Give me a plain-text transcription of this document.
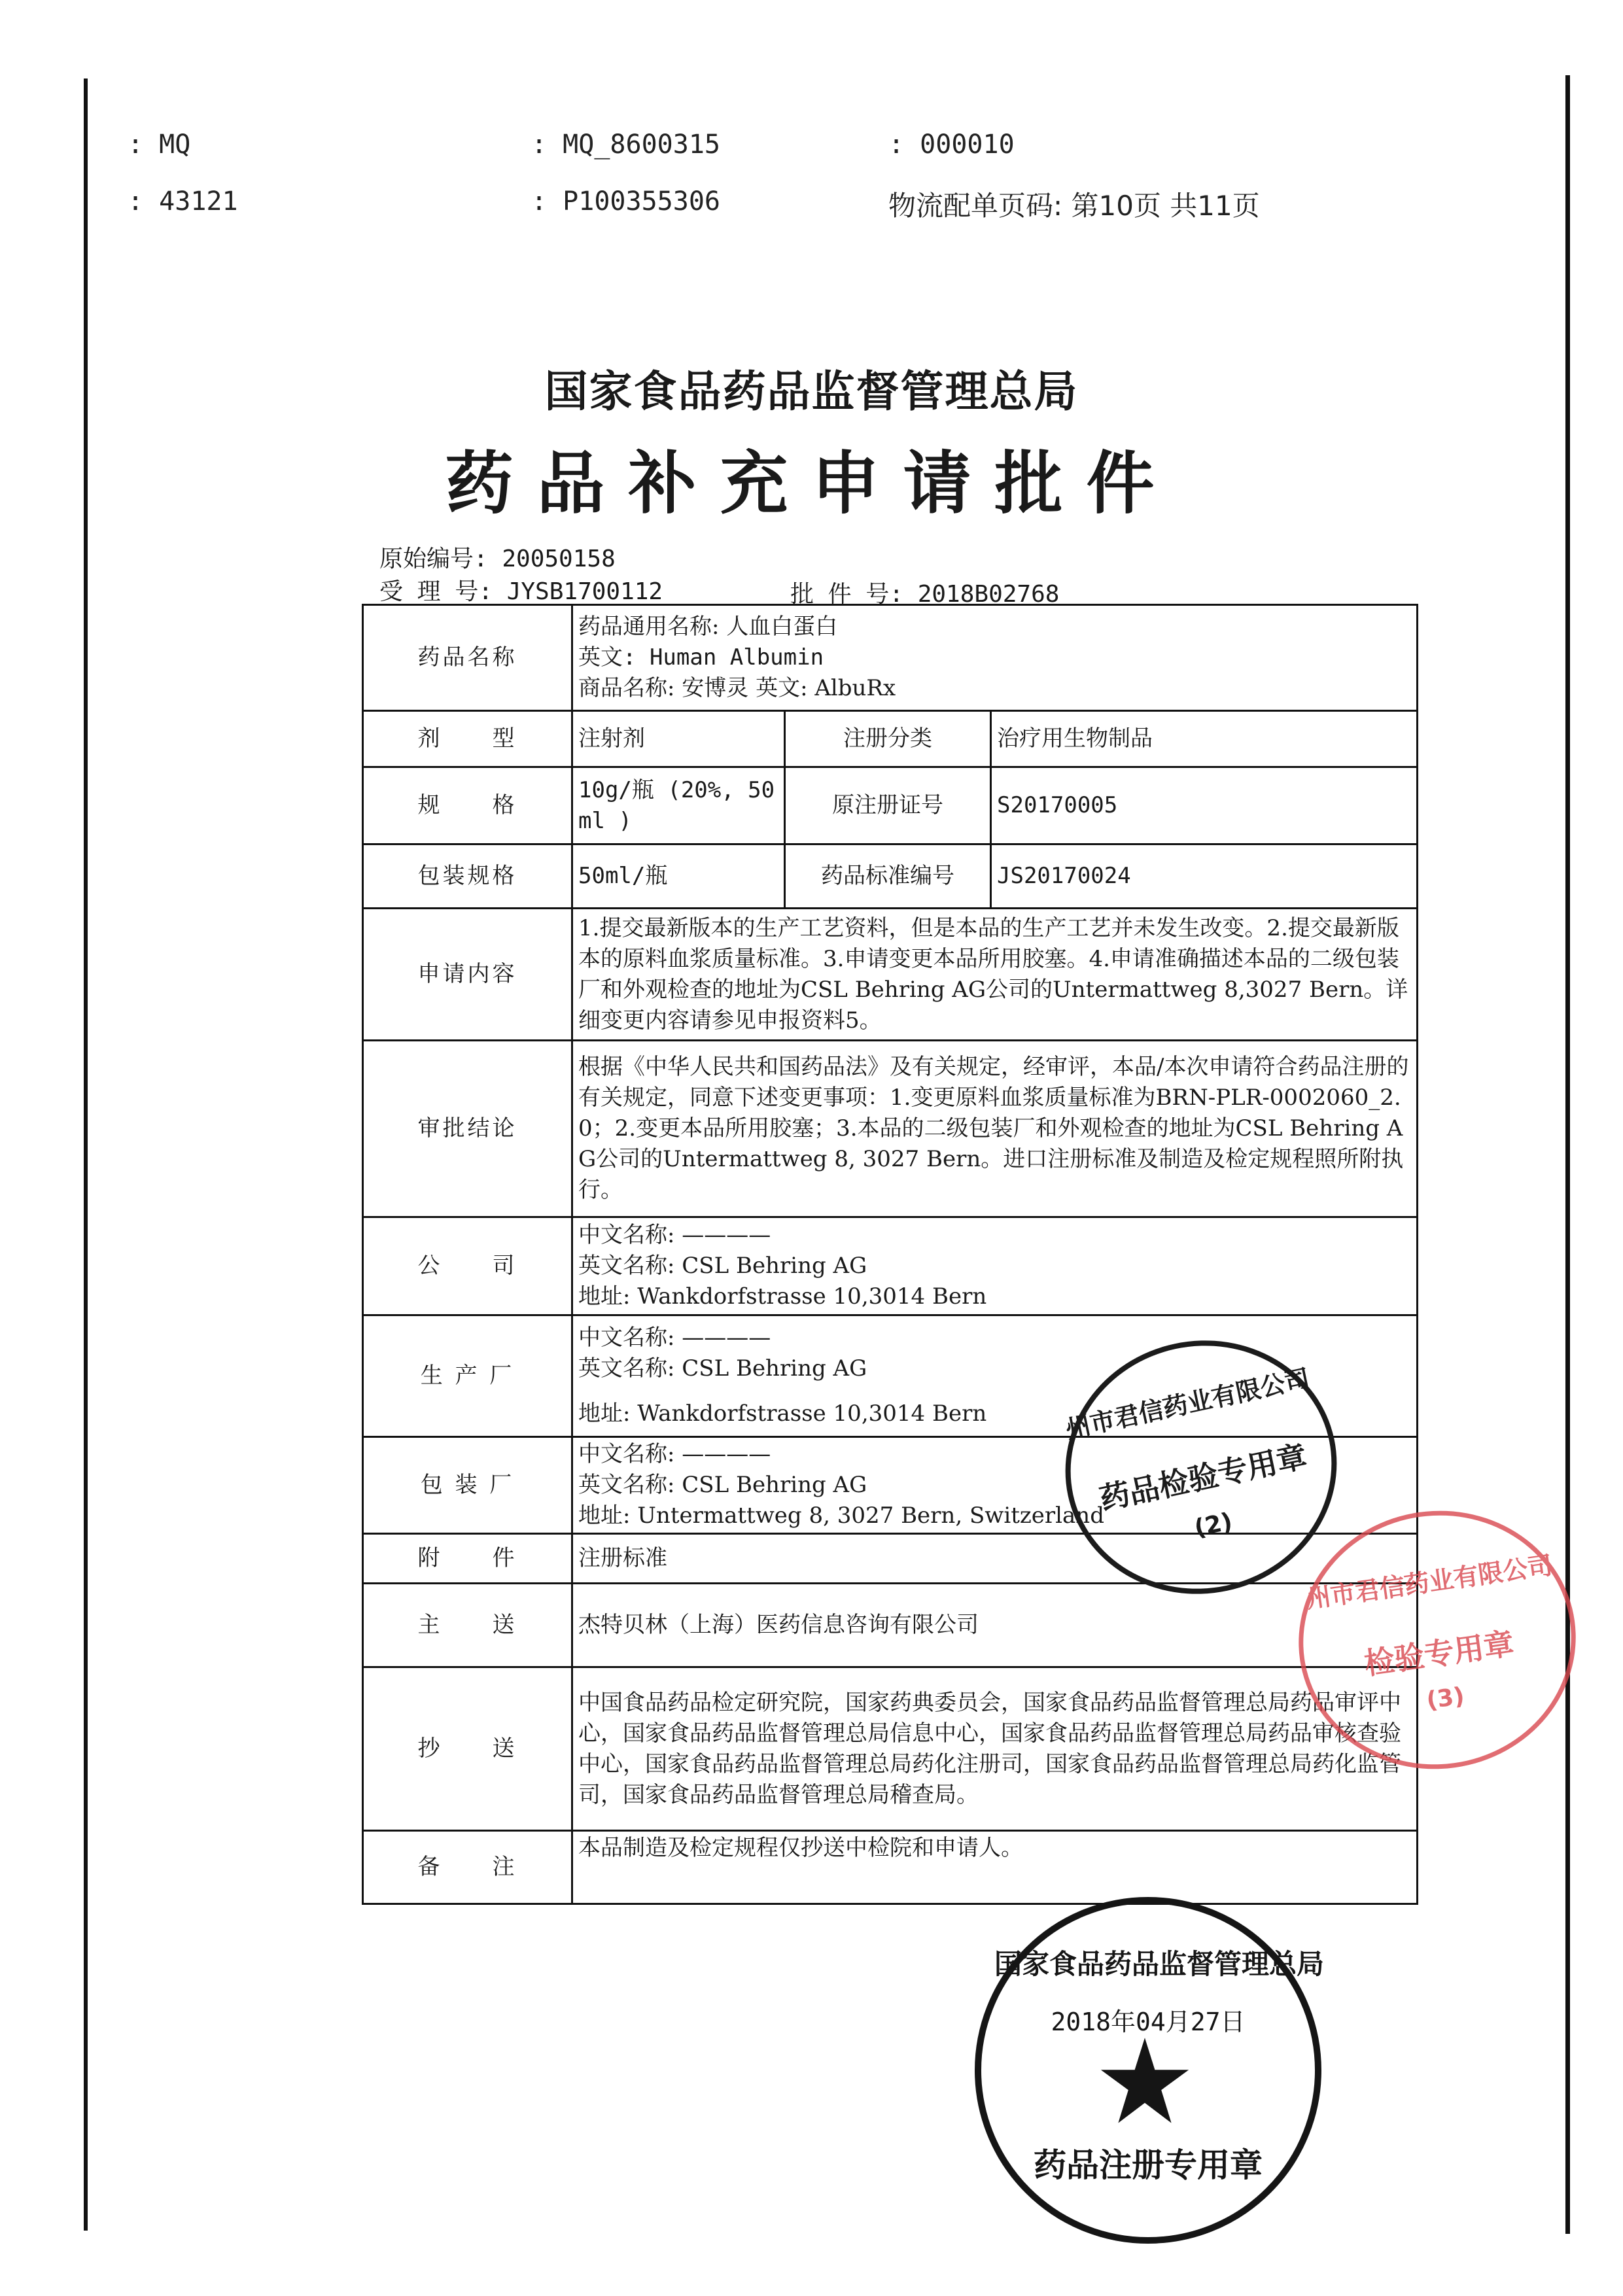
: MQ	: MQ_8600315	: 000010
: 43121	: P100355306	物流配单页码: 第10页 共11页
国家食品药品监督管理总局
药品补充申请批件
原始编号: 20050158
受 理 号: JYSB1700112	批 件 号: 2018B02768
药品名称	药品通用名称: 人血白蛋白
英文: Human Albumin
商品名称: 安博灵 英文: AlbuRx		

剂　　型	注射剂	注册分类	治疗用生物制品
规　　格	10g/瓶 (20%, 50ml )	原注册证号	S20170005
包装规格	50ml/瓶	药品标准编号	JS20170024
申请内容	1.提交最新版本的生产工艺资料，但是本品的生产工艺并未发生改变。2.提交最新版本的原料血浆质量标准。3.申请变更本品所用胶塞。4.申请准确描述本品的二级包装厂和外观检查的地址为CSL Behring AG公司的Untermattweg 8,3027 Bern。详细变更内容请参见申报资料5。		
审批结论	根据《中华人民共和国药品法》及有关规定，经审评，本品/本次申请符合药品注册的有关规定，同意下述变更事项：1.变更原料血浆质量标准为BRN-PLR-0002060_2.0；2.变更本品所用胶塞；3.本品的二级包装厂和外观检查的地址为CSL Behring AG公司的Untermattweg 8, 3027 Bern。进口注册标准及制造及检定规程照所附执行。		
公　　司	中文名称: ————
英文名称: CSL Behring AG
地址: Wankdorfstrasse 10,3014 Bern		

生 产 厂	中文名称: ————
英文名称: CSL Behring AG
地址: Wankdorfstrasse 10,3014 Bern		

包 装 厂	中文名称: ————
英文名称: CSL Behring AG
地址: Untermattweg 8, 3027 Bern, Switzerland		

附　　件	注册标准		
主　　送	杰特贝林（上海）医药信息咨询有限公司		
抄　　送	中国食品药品检定研究院，国家药典委员会，国家食品药品监督管理总局药品审评中心，国家食品药品监督管理总局信息中心，国家食品药品监督管理总局药品审核查验中心，国家食品药品监督管理总局药化注册司，国家食品药品监督管理总局药化监管司，国家食品药品监督管理总局稽查局。		
备　　注	本品制造及检定规程仅抄送中检院和申请人。		
州市君信药业有限公司
药品检验专用章
(2)
州市君信药业有限公司
检验专用章
(3)
国家食品药品监督管理总局
2018年04月27日
药品注册专用章
